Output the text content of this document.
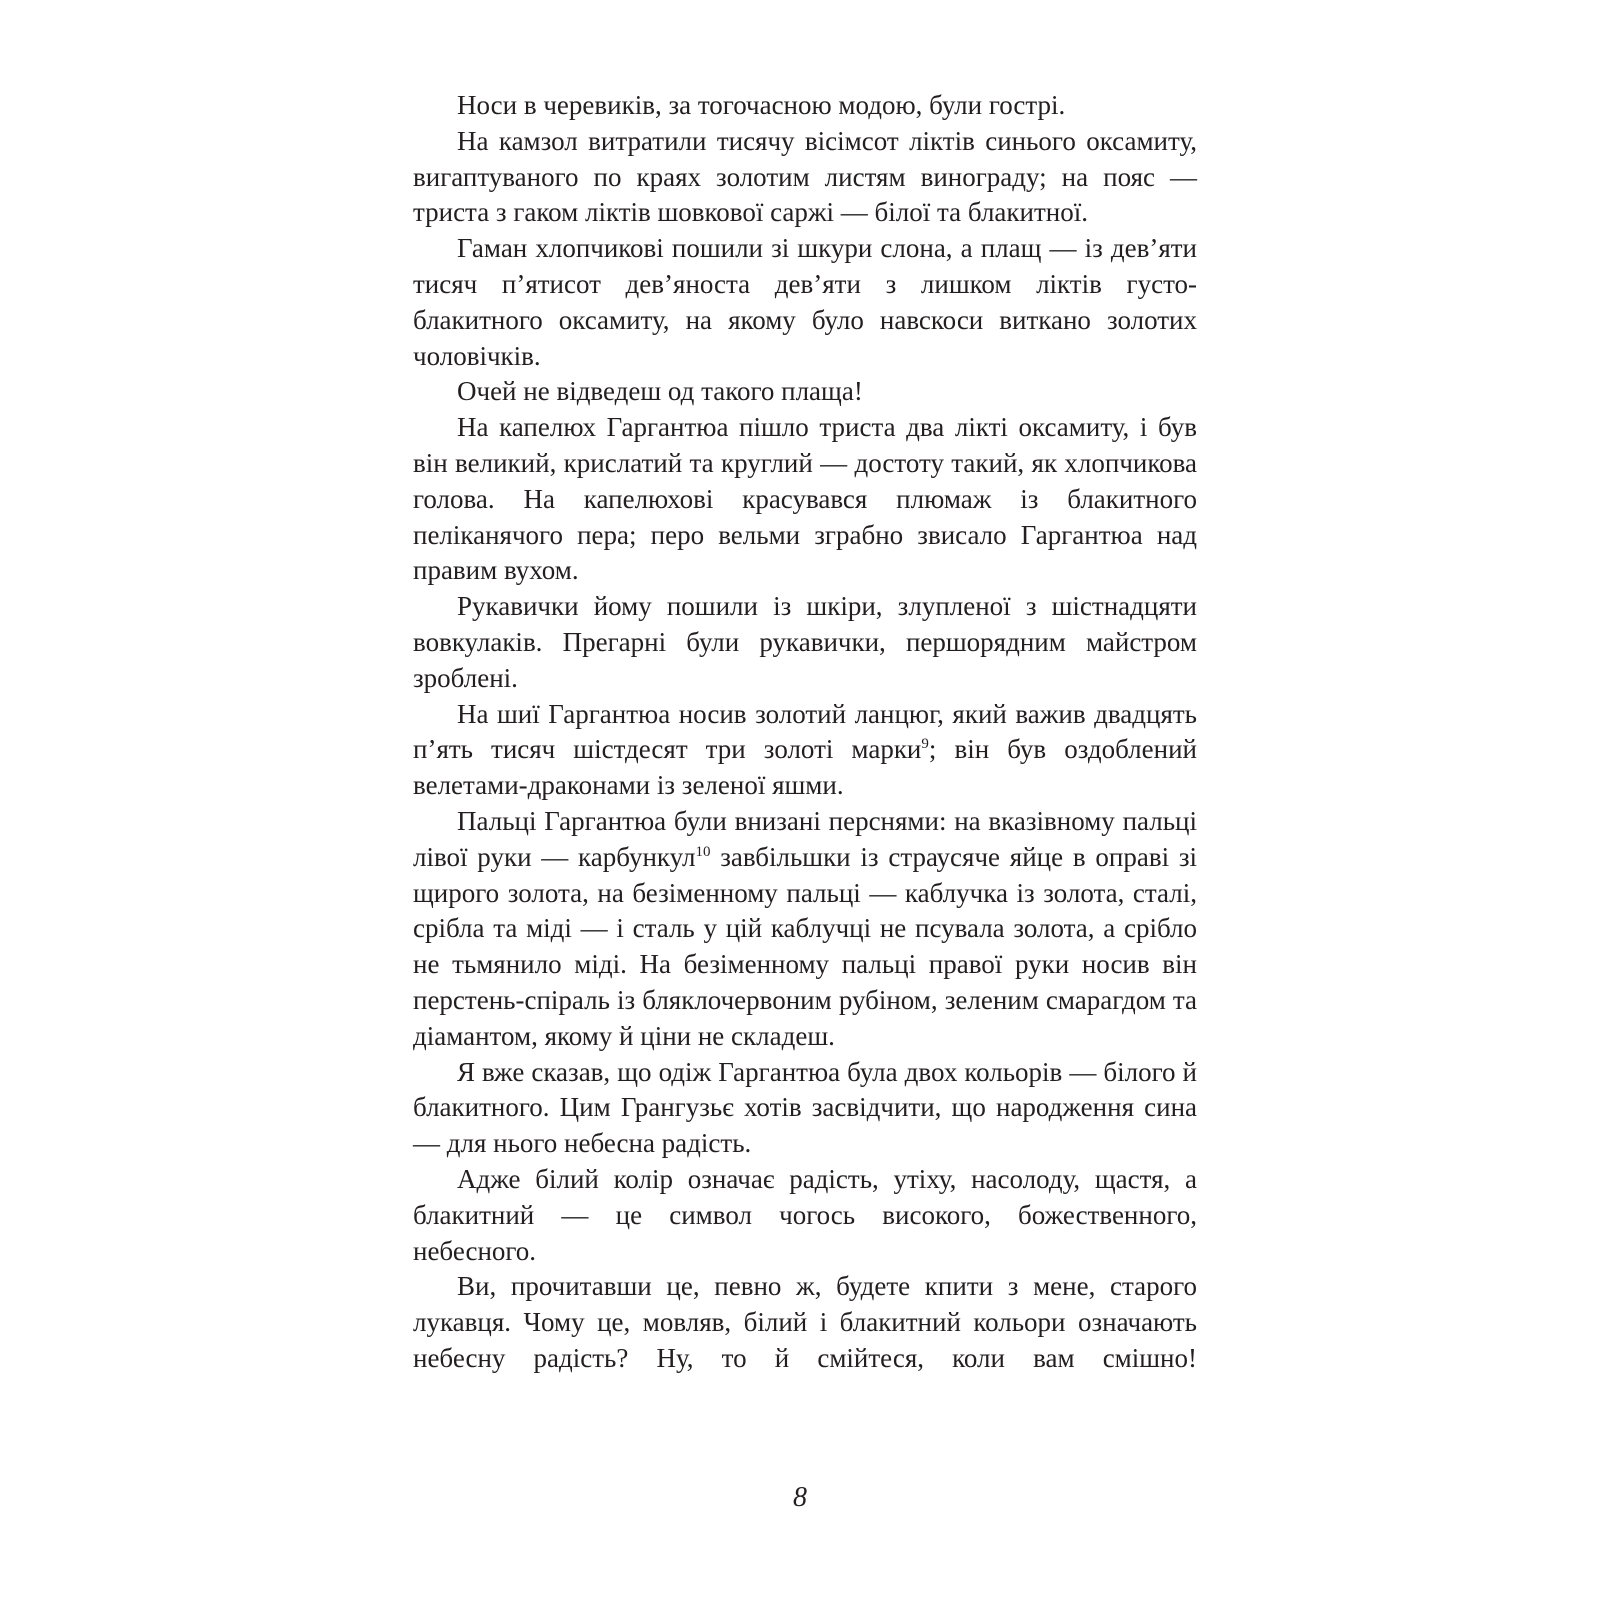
Носи в черевиків, за тогочасною модою, були гострі.

На камзол витратили тисячу вісімсот ліктів синього оксамиту, вигаптуваного по краях золотим листям винограду; на пояс — триста з гаком ліктів шовкової саржі — білої та блакитної.

Гаман хлопчикові пошили зі шкури слона, а плащ — із дев’яти тисяч п’ятисот дев’яноста дев’яти з лишком ліктів густо-блакитного оксамиту, на якому було навскоси виткано золотих чоловічків.

Очей не відведеш од такого плаща!

На капелюх Гаргантюа пішло триста два лікті оксамиту, і був він великий, крислатий та круглий — достоту такий, як хлопчикова голова. На капелюхові красувався плюмаж із блакитного пеліканячого пера; перо вельми зграбно звисало Гаргантюа над правим вухом.

Рукавички йому пошили із шкіри, злупленої з шістнадцяти вовкулаків. Прегарні були рукавички, першорядним майстром зроблені.

На шиї Гаргантюа носив золотий ланцюг, який важив двадцять п’ять тисяч шістдесят три золоті марки$^9$; він був оздоблений велетами-драконами із зеленої яшми.

Пальці Гаргантюа були внизані перснями: на вказівному пальці лівої руки — карбункул$^{10}$ завбільшки із страусяче яйце в оправі зі щирого золота, на безіменному пальці — каблучка із золота, сталі, срібла та міді — і сталь у цій каблучці не псувала золота, а срібло не тьмянило міді. На безіменному пальці правої руки носив він перстень-спіраль із бляклочервоним рубіном, зеленим смарагдом та діамантом, якому й ціни не складеш.

Я вже сказав, що одіж Гаргантюа була двох кольорів — білого й блакитного. Цим Грангузьє хотів засвідчити, що народження сина — для нього небесна радість.

Адже білий колір означає радість, утіху, насолоду, щастя, а блакитний — це символ чогось високого, божественного, небесного.

Ви, прочитавши це, певно ж, будете кпити з мене, старого лукавця. Чому це, мовляв, білий і блакитний кольори означають небесну радість? Ну, то й смійтеся, коли вам смішно!

8
